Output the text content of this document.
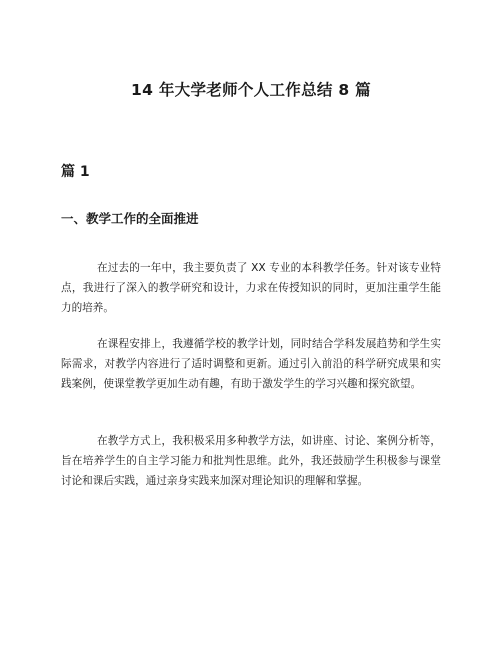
14 年大学老师个人工作总结 8 篇
篇 1
一、教学工作的全面推进

在过去的一年中，我主要负责了 XX 专业的本科教学任务。针对该专业特点，我进行了深入的教学研究和设计，力求在传授知识的同时，更加注重学生能力的培养。

在课程安排上，我遵循学校的教学计划，同时结合学科发展趋势和学生实际需求，对教学内容进行了适时调整和更新。通过引入前沿的科学研究成果和实践案例，使课堂教学更加生动有趣，有助于激发学生的学习兴趣和探究欲望。

在教学方式上，我积极采用多种教学方法，如讲座、讨论、案例分析等，旨在培养学生的自主学习能力和批判性思维。此外，我还鼓励学生积极参与课堂讨论和课后实践，通过亲身实践来加深对理论知识的理解和掌握。
